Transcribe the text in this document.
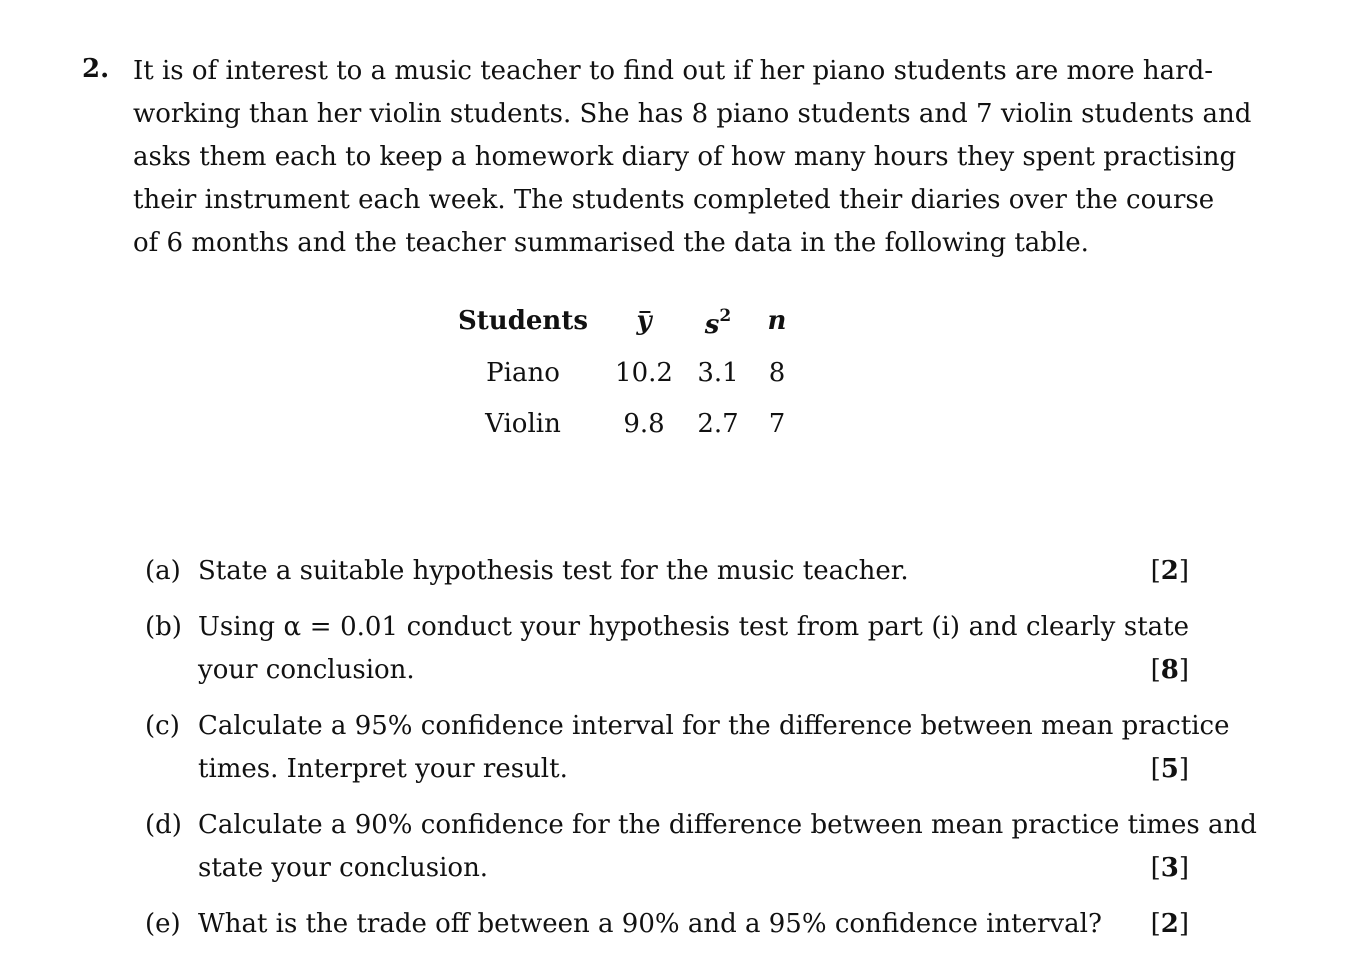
2. It is of interest to a music teacher to find out if her piano students are more hard-
working than her violin students. She has 8 piano students and 7 violin students and
asks them each to keep a homework diary of how many hours they spent practising
their instrument each week. The students completed their diaries over the course
of 6 months and the teacher summarised the data in the following table.
Students y $s^2$ n
Piano 10.2 3.1 8
Violin 9.8 2.7 7
(a) State a suitable hypothesis test for the music teacher.	[2]
(b) Using α = 0.01 conduct your hypothesis test from part (i) and clearly state
your conclusion.	[8]
(c) Calculate a 95% confidence interval for the difference between mean practice
times. Interpret your result.	[5]
(d) Calculate a 90% confidence for the difference between mean practice times and
state your conclusion.	[3]
(e) What is the trade off between a 90% and a 95% confidence interval?	[2]
